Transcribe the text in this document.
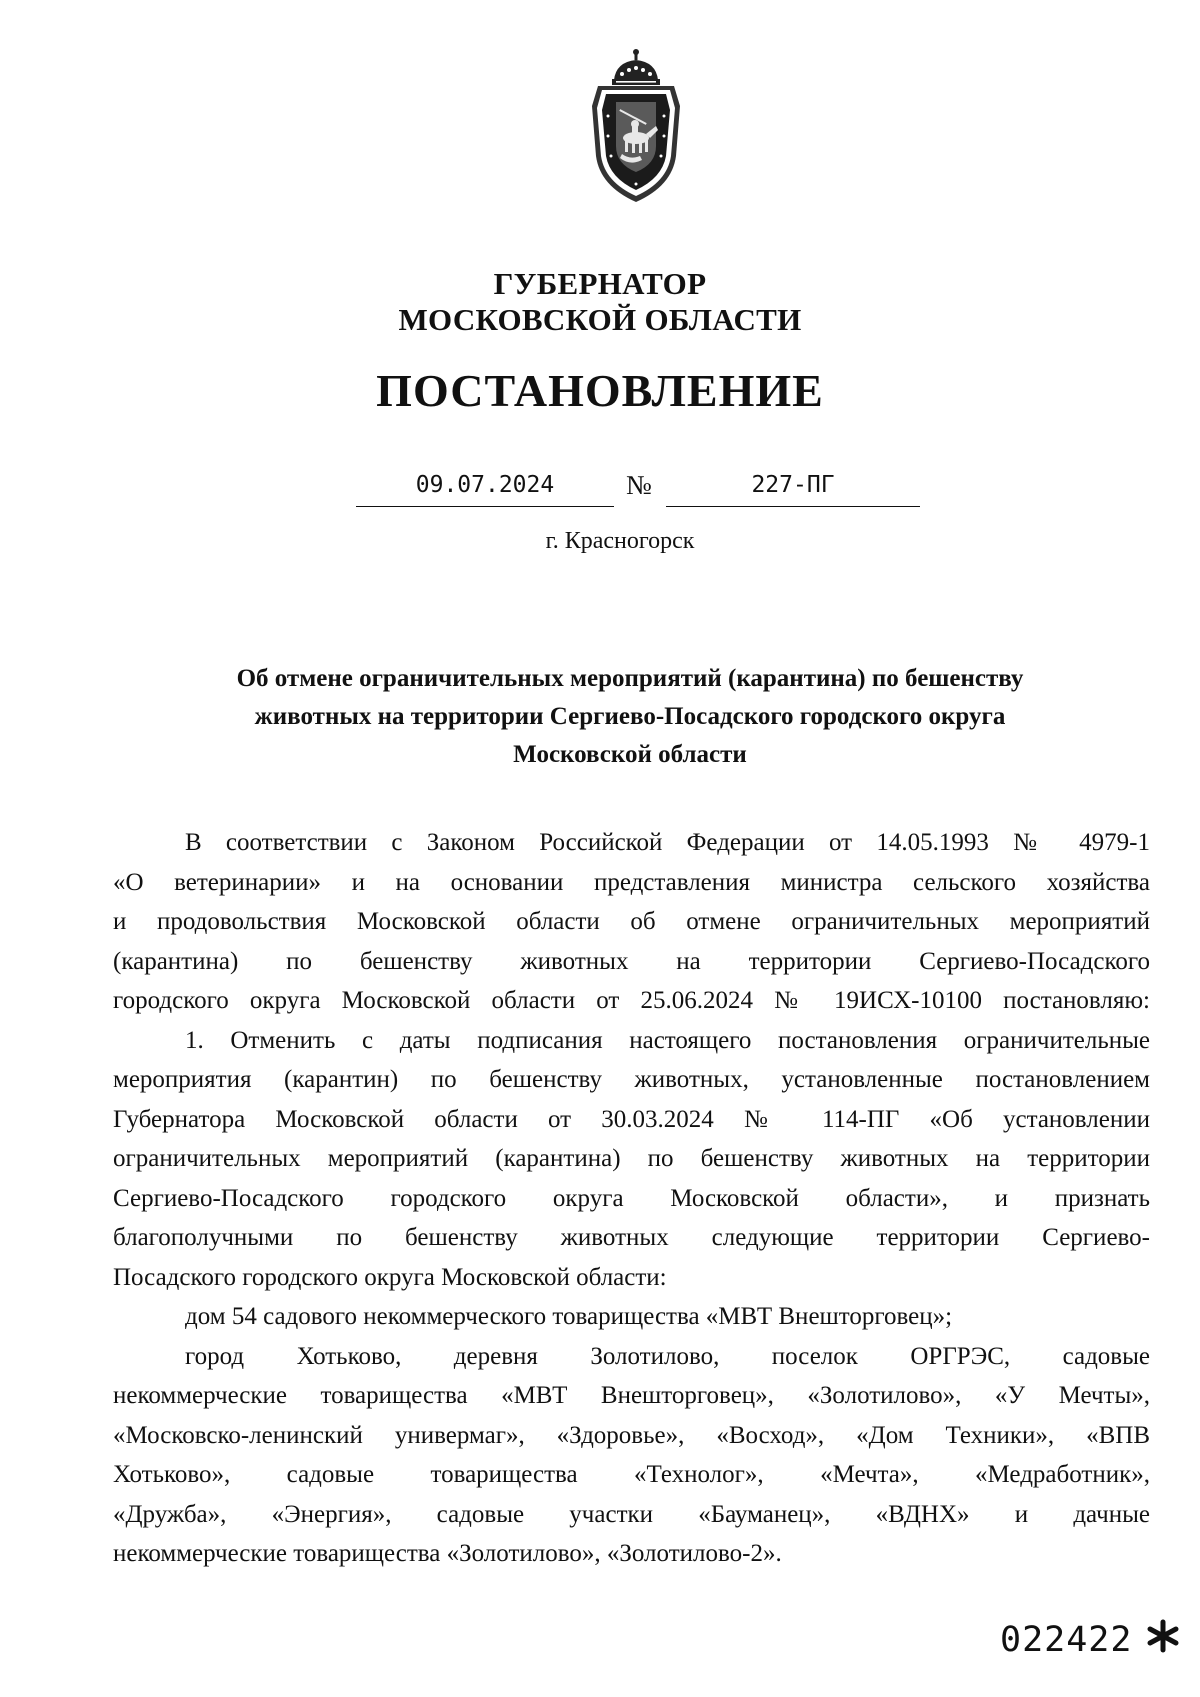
ГУБЕРНАТОР
МОСКОВСКОЙ ОБЛАСТИ
ПОСТАНОВЛЕНИЕ
09.07.2024	№	227-ПГ
г. Красногорск
Об отмене ограничительных мероприятий (карантина) по бешенству
животных на территории Сергиево-Посадского городского округа
Московской области
В соответствии с Законом Российской Федерации от 14.05.1993 № 4979-1
«О ветеринарии» и на основании представления министра сельского хозяйства
и продовольствия Московской области об отмене ограничительных мероприятий
(карантина) по бешенству животных на территории Сергиево-Посадского
городского округа Московской области от 25.06.2024 № 19ИСХ-10100 постановляю:
1. Отменить с даты подписания настоящего постановления ограничительные
мероприятия (карантин) по бешенству животных, установленные постановлением
Губернатора Московской области от 30.03.2024 № 114-ПГ «Об установлении
ограничительных мероприятий (карантина) по бешенству животных на территории
Сергиево-Посадского городского округа Московской области», и признать
благополучными по бешенству животных следующие территории Сергиево-
Посадского городского округа Московской области:
дом 54 садового некоммерческого товарищества «МВТ Внешторговец»;
город Хотьково, деревня Золотилово, поселок ОРГРЭС, садовые
некоммерческие товарищества «МВТ Внешторговец», «Золотилово», «У Мечты»,
«Московско-ленинский универмаг», «Здоровье», «Восход», «Дом Техники», «ВПВ
Хотьково», садовые товарищества «Технолог», «Мечта», «Медработник»,
«Дружба», «Энергия», садовые участки «Бауманец», «ВДНХ» и дачные
некоммерческие товарищества «Золотилово», «Золотилово-2».
022422
